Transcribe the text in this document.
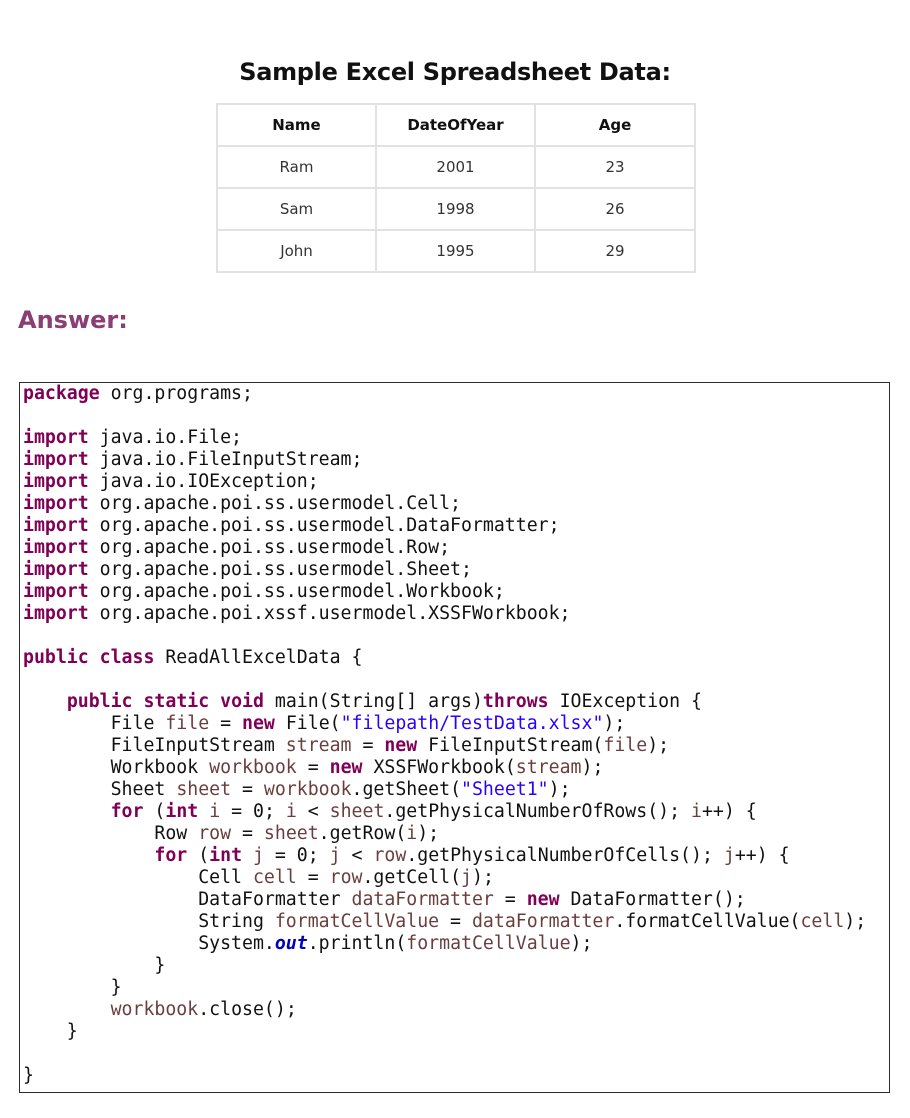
Sample Excel Spreadsheet Data:
Name	DateOfYear	Age
Ram	2001	23
Sam	1998	26
John	1995	29
Answer:
package org.programs;

import java.io.File;
import java.io.FileInputStream;
import java.io.IOException;
import org.apache.poi.ss.usermodel.Cell;
import org.apache.poi.ss.usermodel.DataFormatter;
import org.apache.poi.ss.usermodel.Row;
import org.apache.poi.ss.usermodel.Sheet;
import org.apache.poi.ss.usermodel.Workbook;
import org.apache.poi.xssf.usermodel.XSSFWorkbook;

public class ReadAllExcelData {

public static void main(String[] args)throws IOException {
File file = new File("filepath/TestData.xlsx");
FileInputStream stream = new FileInputStream(file);
Workbook workbook = new XSSFWorkbook(stream);
Sheet sheet = workbook.getSheet("Sheet1");
for (int i = 0; i < sheet.getPhysicalNumberOfRows(); i++) {
Row row = sheet.getRow(i);
for (int j = 0; j < row.getPhysicalNumberOfCells(); j++) {
Cell cell = row.getCell(j);
DataFormatter dataFormatter = new DataFormatter();
String formatCellValue = dataFormatter.formatCellValue(cell);
System.out.println(formatCellValue);
}
}
workbook.close();
}

}
